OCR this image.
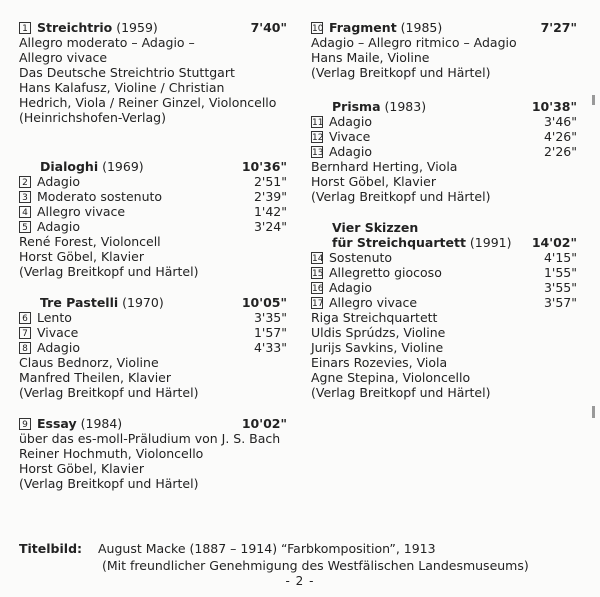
1 Streichtrio (1959)	7'40"
Allegro moderato – Adagio –
Allegro vivace
Das Deutsche Streichtrio Stuttgart
Hans Kalafusz, Violine / Christian
Hedrich, Viola / Reiner Ginzel, Violoncello
(Heinrichshofen-Verlag)
Dialoghi (1969)	10'36"
2 Adagio	2'51"
3 Moderato sostenuto	2'39"
4 Allegro vivace	1'42"
5 Adagio	3'24"
René Forest, Violoncell
Horst Göbel, Klavier
(Verlag Breitkopf und Härtel)
Tre Pastelli (1970)	10'05"
6 Lento	3'35"
7 Vivace	1'57"
8 Adagio	4'33"
Claus Bednorz, Violine
Manfred Theilen, Klavier
(Verlag Breitkopf und Härtel)
9 Essay (1984)	10'02"
über das es-moll-Präludium von J. S. Bach
Reiner Hochmuth, Violoncello
Horst Göbel, Klavier
(Verlag Breitkopf und Härtel)
10 Fragment (1985)	7'27"
Adagio – Allegro ritmico – Adagio
Hans Maile, Violine
(Verlag Breitkopf und Härtel)
Prisma (1983)	10'38"
11 Adagio	3'46"
12 Vivace	4'26"
13 Adagio	2'26"
Bernhard Herting, Viola
Horst Göbel, Klavier
(Verlag Breitkopf und Härtel)
Vier Skizzen
für Streichquartett (1991) 14'02"
14 Sostenuto	4'15"
15 Allegretto giocoso	1'55"
16 Adagio	3'55"
17 Allegro vivace	3'57"
Riga Streichquartett
Uldis Sprúdzs, Violine
Jurijs Savkins, Violine
Einars Rozevies, Viola
Agne Stepina, Violoncello
(Verlag Breitkopf und Härtel)
Titelbild: August Macke (1887 – 1914) “Farbkomposition”, 1913
(Mit freundlicher Genehmigung des Westfälischen Landesmuseums)
- 2 -
